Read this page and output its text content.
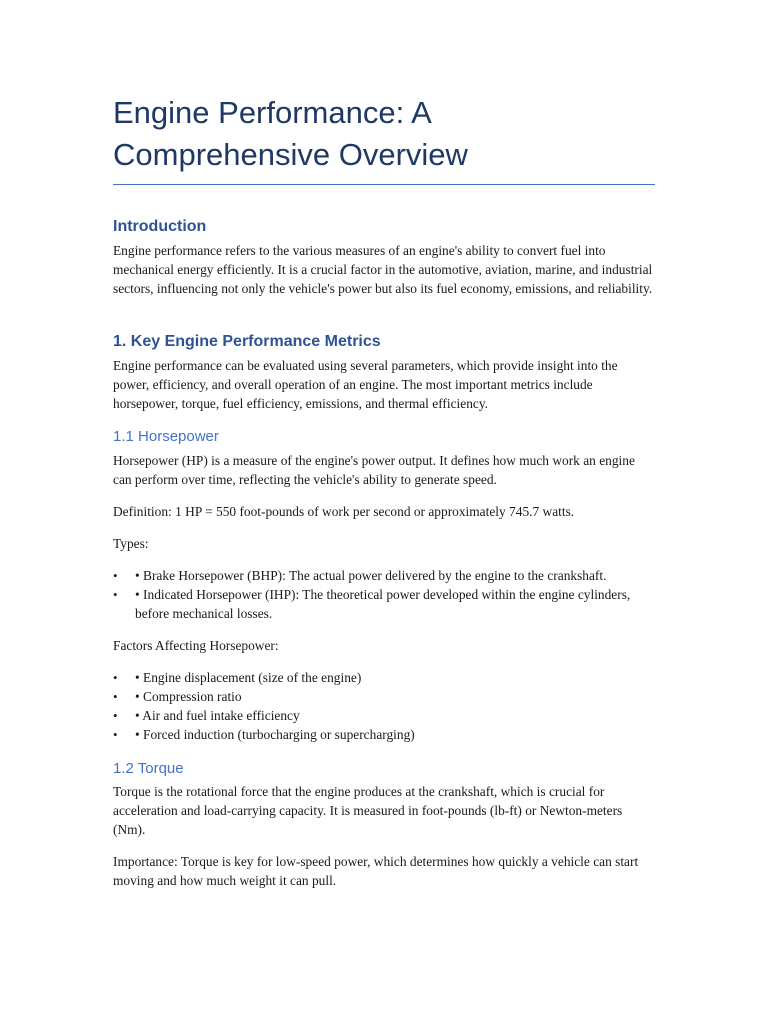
Engine Performance: A Comprehensive Overview
Introduction

Engine performance refers to the various measures of an engine's ability to convert fuel into mechanical energy efficiently. It is a crucial factor in the automotive, aviation, marine, and industrial sectors, influencing not only the vehicle's power but also its fuel economy, emissions, and reliability.

1. Key Engine Performance Metrics

Engine performance can be evaluated using several parameters, which provide insight into the power, efficiency, and overall operation of an engine. The most important metrics include horsepower, torque, fuel efficiency, emissions, and thermal efficiency.

1.1 Horsepower

Horsepower (HP) is a measure of the engine's power output. It defines how much work an engine can perform over time, reflecting the vehicle's ability to generate speed.

Definition: 1 HP = 550 foot-pounds of work per second or approximately 745.7 watts.

Types:

• • Brake Horsepower (BHP): The actual power delivered by the engine to the crankshaft.
• • Indicated Horsepower (IHP): The theoretical power developed within the engine cylinders, before mechanical losses.

Factors Affecting Horsepower:

• • Engine displacement (size of the engine)
• • Compression ratio
• • Air and fuel intake efficiency
• • Forced induction (turbocharging or supercharging)
1.2 Torque

Torque is the rotational force that the engine produces at the crankshaft, which is crucial for acceleration and load-carrying capacity. It is measured in foot-pounds (lb-ft) or Newton-meters (Nm).

Importance: Torque is key for low-speed power, which determines how quickly a vehicle can start moving and how much weight it can pull.
